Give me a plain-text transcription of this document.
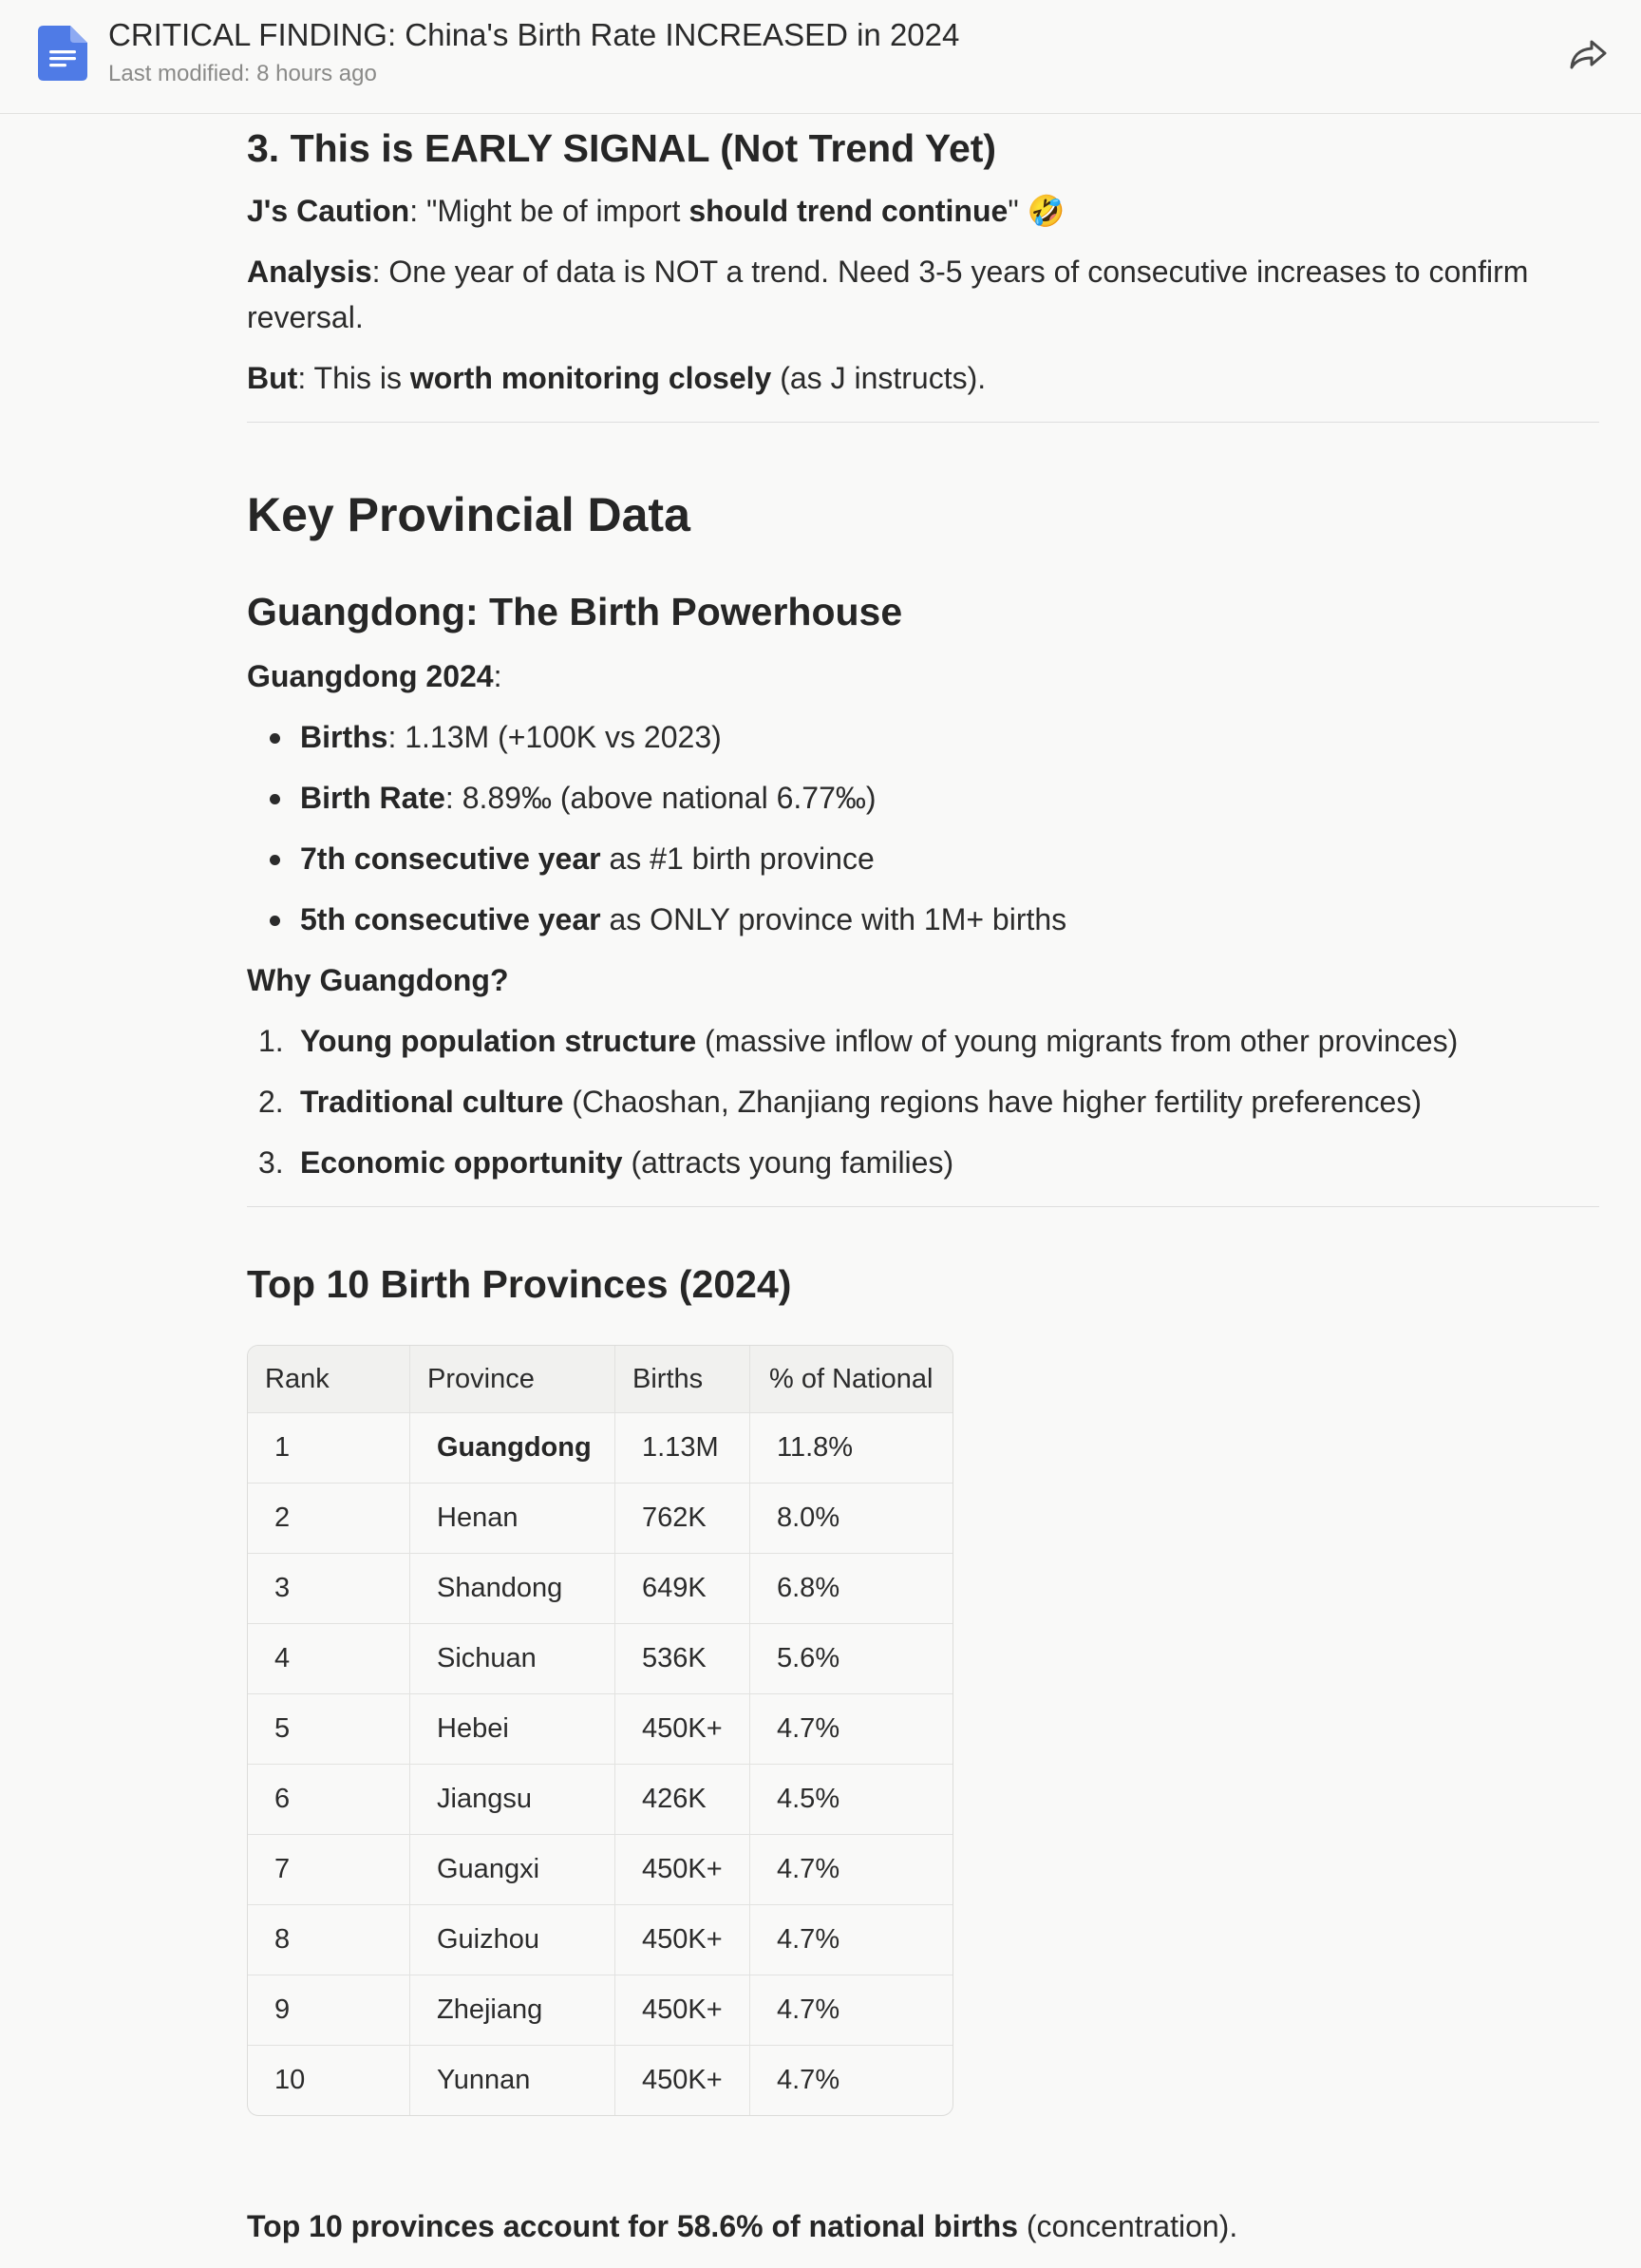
CRITICAL FINDING: China's Birth Rate INCREASED in 2024
Last modified: 8 hours ago
3. This is EARLY SIGNAL (Not Trend Yet)
J's Caution: "Might be of import should trend continue" 🤣
Analysis: One year of data is NOT a trend. Need 3-5 years of consecutive increases to confirm
reversal.
But: This is worth monitoring closely (as J instructs).
Key Provincial Data
Guangdong: The Birth Powerhouse
Guangdong 2024:
Births: 1.13M (+100K vs 2023)
Birth Rate: 8.89‰ (above national 6.77‰)
7th consecutive year as #1 birth province
5th consecutive year as ONLY province with 1M+ births
Why Guangdong?
1. Young population structure (massive inflow of young migrants from other provinces)
2. Traditional culture (Chaoshan, Zhanjiang regions have higher fertility preferences)
3. Economic opportunity (attracts young families)
Top 10 Birth Provinces (2024)
Rank	Province	Births	% of National
1	Guangdong	1.13M	11.8%
2	Henan	762K	8.0%
3	Shandong	649K	6.8%
4	Sichuan	536K	5.6%
5	Hebei	450K+	4.7%
6	Jiangsu	426K	4.5%
7	Guangxi	450K+	4.7%
8	Guizhou	450K+	4.7%
9	Zhejiang	450K+	4.7%
10	Yunnan	450K+	4.7%
Top 10 provinces account for 58.6% of national births (concentration).
